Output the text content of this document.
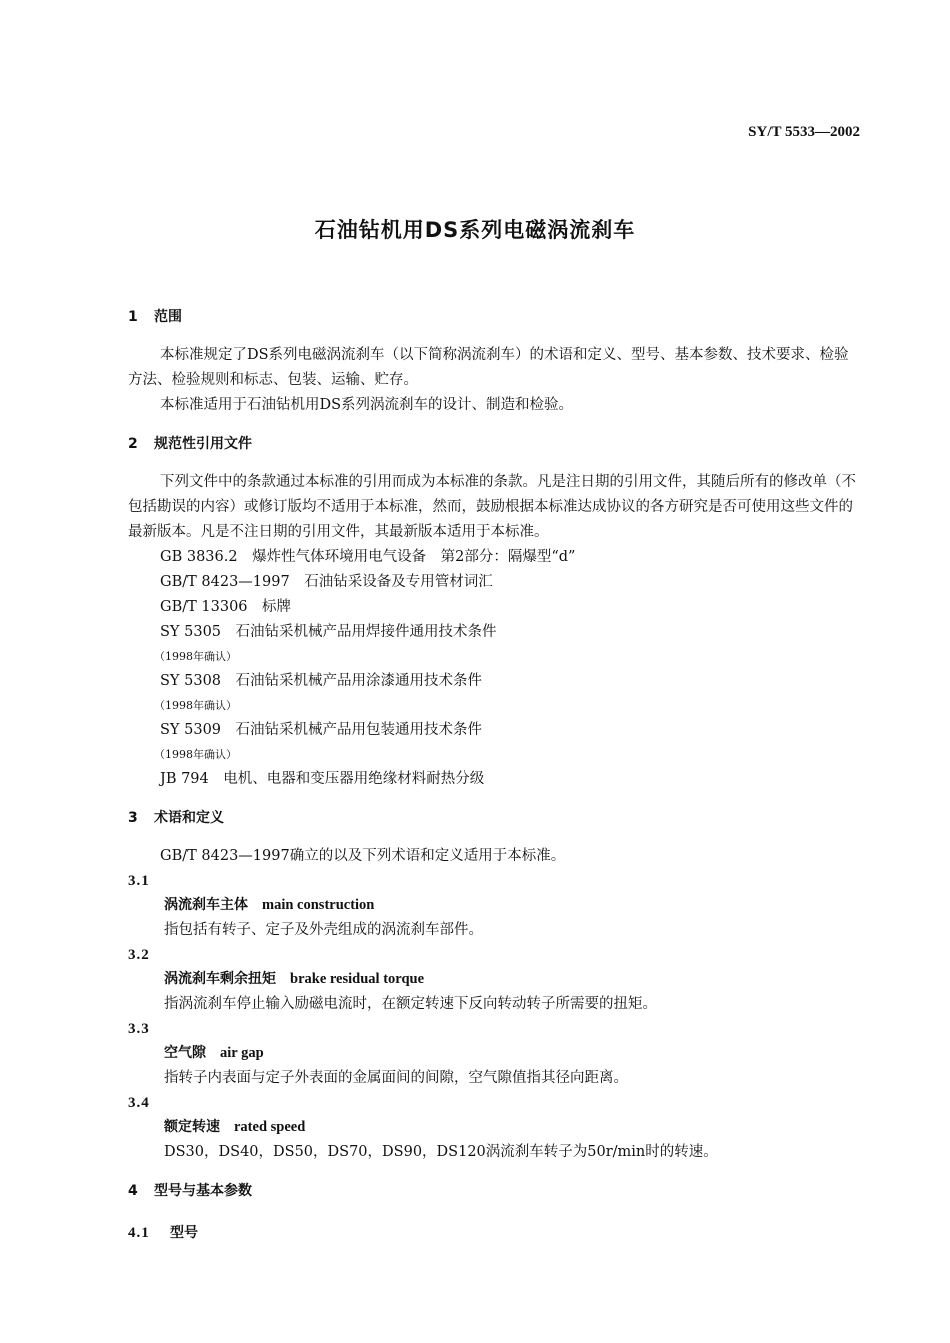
SY/T 5533—2002
石油钻机用DS系列电磁涡流刹车
1	范围

本标准规定了DS系列电磁涡流刹车（以下简称涡流刹车）的术语和定义、型号、基本参数、技术要求、检验方法、检验规则和标志、包装、运输、贮存。

本标准适用于石油钻机用DS系列涡流刹车的设计、制造和检验。

2	规范性引用文件

下列文件中的条款通过本标准的引用而成为本标准的条款。凡是注日期的引用文件，其随后所有的修改单（不包括勘误的内容）或修订版均不适用于本标准，然而，鼓励根据本标准达成协议的各方研究是否可使用这些文件的最新版本。凡是不注日期的引用文件，其最新版本适用于本标准。

GB 3836.2　 爆炸性气体环境用电气设备　第2部分：隔爆型“d”
GB/T 8423—1997　 石油钻采设备及专用管材词汇
GB/T 13306　 标牌
SY 5305　 石油钻采机械产品用焊接件通用技术条件
（1998年确认）
SY 5308　 石油钻采机械产品用涂漆通用技术条件
（1998年确认）
SY 5309　 石油钻采机械产品用包装通用技术条件
（1998年确认）
JB 794　 电机、电器和变压器用绝缘材料耐热分级
3	术语和定义

GB/T 8423—1997确立的以及下列术语和定义适用于本标准。

3.1
涡流刹车主体 main construction
指包括有转子、定子及外壳组成的涡流刹车部件。
3.2
涡流刹车剩余扭矩 brake residual torque
指涡流刹车停止输入励磁电流时，在额定转速下反向转动转子所需要的扭矩。
3.3
空气隙 air gap
指转子内表面与定子外表面的金属面间的间隙，空气隙值指其径向距离。
3.4
额定转速 rated speed
DS30，DS40，DS50，DS70，DS90，DS120涡流刹车转子为50r/min时的转速。
4	型号与基本参数
4.1	型号
